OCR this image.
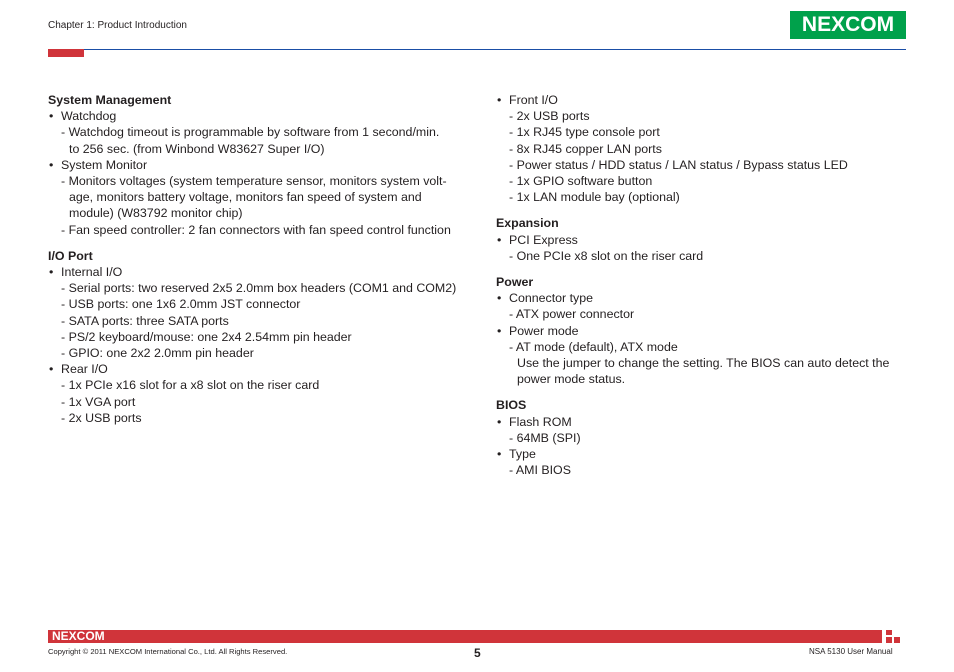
Chapter 1: Product Introduction	NEXCOM
System Management
• Watchdog
- Watchdog timeout is programmable by software from 1 second/min.
to 256 sec. (from Winbond W83627 Super I/O)
• System Monitor
- Monitors voltages (system temperature sensor, monitors system volt-
age, monitors battery voltage, monitors fan speed of system and
module) (W83792 monitor chip)
- Fan speed controller: 2 fan connectors with fan speed control function
I/O Port
• Internal I/O
- Serial ports: two reserved 2x5 2.0mm box headers (COM1 and COM2)
- USB ports: one 1x6 2.0mm JST connector
- SATA ports: three SATA ports
- PS/2 keyboard/mouse: one 2x4 2.54mm pin header
- GPIO: one 2x2 2.0mm pin header
• Rear I/O
- 1x PCIe x16 slot for a x8 slot on the riser card
- 1x VGA port
- 2x USB ports
• Front I/O
- 2x USB ports
- 1x RJ45 type console port
- 8x RJ45 copper LAN ports
- Power status / HDD status / LAN status / Bypass status LED
- 1x GPIO software button
- 1x LAN module bay (optional)
Expansion
• PCI Express
- One PCIe x8 slot on the riser card
Power
• Connector type
- ATX power connector
• Power mode
- AT mode (default), ATX mode
Use the jumper to change the setting. The BIOS can auto detect the
power mode status.
BIOS
• Flash ROM
- 64MB (SPI)
• Type
- AMI BIOS
NEXCOM
Copyright © 2011 NEXCOM International Co., Ltd. All Rights Reserved.	5	NSA 5130 User Manual
